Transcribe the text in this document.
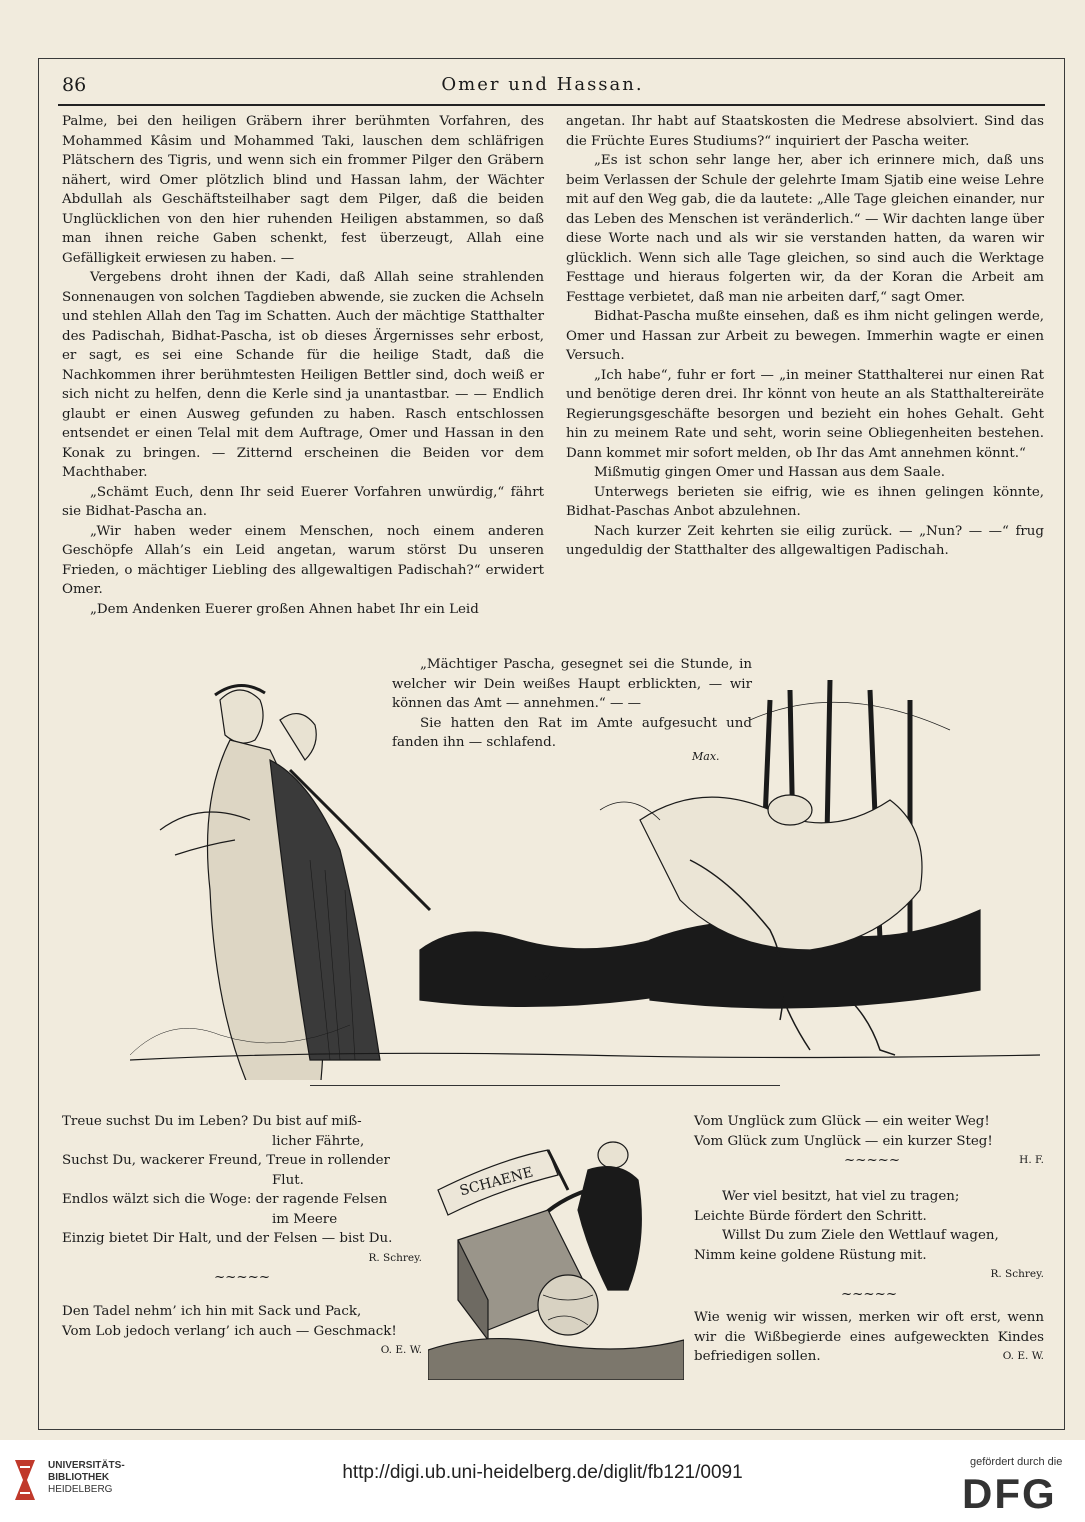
86	Omer und Hassan.

Palme, bei den heiligen Gräbern ihrer berühmten Vorfahren, des Mohammed Kâsim und Mohammed Taki, lauschen dem schläfrigen Plätschern des Tigris, und wenn sich ein frommer Pilger den Gräbern nähert, wird Omer plötzlich blind und Hassan lahm, der Wächter Abdullah als Geschäftsteilhaber sagt dem Pilger, daß die beiden Unglücklichen von den hier ruhenden Heiligen abstammen, so daß man ihnen reiche Gaben schenkt, fest überzeugt, Allah eine Gefälligkeit erwiesen zu haben. —

Vergebens droht ihnen der Kadi, daß Allah seine strahlenden Sonnenaugen von solchen Tagdieben abwende, sie zucken die Achseln und stehlen Allah den Tag im Schatten. Auch der mächtige Statthalter des Padischah, Bidhat-Pascha, ist ob dieses Ärgernisses sehr erbost, er sagt, es sei eine Schande für die heilige Stadt, daß die Nachkommen ihrer berühmtesten Heiligen Bettler sind, doch weiß er sich nicht zu helfen, denn die Kerle sind ja unantastbar. — — Endlich glaubt er einen Ausweg gefunden zu haben. Rasch entschlossen entsendet er einen Telal mit dem Auftrage, Omer und Hassan in den Konak zu bringen. — Zitternd erscheinen die Beiden vor dem Machthaber.

„Schämt Euch, denn Ihr seid Euerer Vorfahren unwürdig,“ fährt sie Bidhat-Pascha an.

„Wir haben weder einem Menschen, noch einem anderen Geschöpfe Allah’s ein Leid angetan, warum störst Du unseren Frieden, o mächtiger Liebling des allgewaltigen Padischah?“ erwidert Omer.

„Dem Andenken Euerer großen Ahnen habet Ihr ein Leid

angetan. Ihr habt auf Staatskosten die Medrese absolviert. Sind das die Früchte Eures Studiums?“ inquiriert der Pascha weiter.

„Es ist schon sehr lange her, aber ich erinnere mich, daß uns beim Verlassen der Schule der gelehrte Imam Sjatib eine weise Lehre mit auf den Weg gab, die da lautete: „Alle Tage gleichen einander, nur das Leben des Menschen ist veränderlich.“ — Wir dachten lange über diese Worte nach und als wir sie verstanden hatten, da waren wir glücklich. Wenn sich alle Tage gleichen, so sind auch die Werktage Festtage und hieraus folgerten wir, da der Koran die Arbeit am Festtage verbietet, daß man nie arbeiten darf,“ sagt Omer.

Bidhat-Pascha mußte einsehen, daß es ihm nicht gelingen werde, Omer und Hassan zur Arbeit zu bewegen. Immerhin wagte er einen Versuch.

„Ich habe“, fuhr er fort — „in meiner Statthalterei nur einen Rat und benötige deren drei. Ihr könnt von heute an als Statthaltereiräte Regierungsgeschäfte besorgen und bezieht ein hohes Gehalt. Geht hin zu meinem Rate und seht, worin seine Obliegenheiten bestehen. Dann kommet mir sofort melden, ob Ihr das Amt annehmen könnt.“

Mißmutig gingen Omer und Hassan aus dem Saale.

Unterwegs berieten sie eifrig, wie es ihnen gelingen könnte, Bidhat-Paschas Anbot abzulehnen.

Nach kurzer Zeit kehrten sie eilig zurück. — „Nun? — —“ frug ungeduldig der Statthalter des allgewaltigen Padischah.

E.M.

„Mächtiger Pascha, gesegnet sei die Stunde, in welcher wir Dein weißes Haupt erblickten, — wir können das Amt — annehmen.“ — —

Sie hatten den Rat im Amte aufgesucht und fanden ihn — schlafend.

Max.
Treue suchst Du im Leben? Du bist auf miß-
licher Fährte,
Suchst Du, wackerer Freund, Treue in rollender
Flut.
Endlos wälzt sich die Woge: der ragende Felsen
im Meere
Einzig bietet Dir Halt, und der Felsen — bist Du.
R. Schrey.
~~~~~
Den Tadel nehm’ ich hin mit Sack und Pack,
Vom Lob jedoch verlang’ ich auch — Geschmack!
O. E. W.
SCHAENE
Vom Unglück zum Glück — ein weiter Weg!
Vom Glück zum Unglück — ein kurzer Steg!
~~~~~	H. F.
Wer viel besitzt, hat viel zu tragen;
Leichte Bürde fördert den Schritt.
Willst Du zum Ziele den Wettlauf wagen,
Nimm keine goldene Rüstung mit.
R. Schrey.
~~~~~
Wie wenig wir wissen, merken wir oft erst, wenn wir die Wißbegierde eines aufgeweckten Kindes befriedigen sollen.	O. E. W.
UNIVERSITÄTS-
BIBLIOTHEK
HEIDELBERG
http://digi.ub.uni-heidelberg.de/diglit/fb121/0091	gefördert durch die
DFG
